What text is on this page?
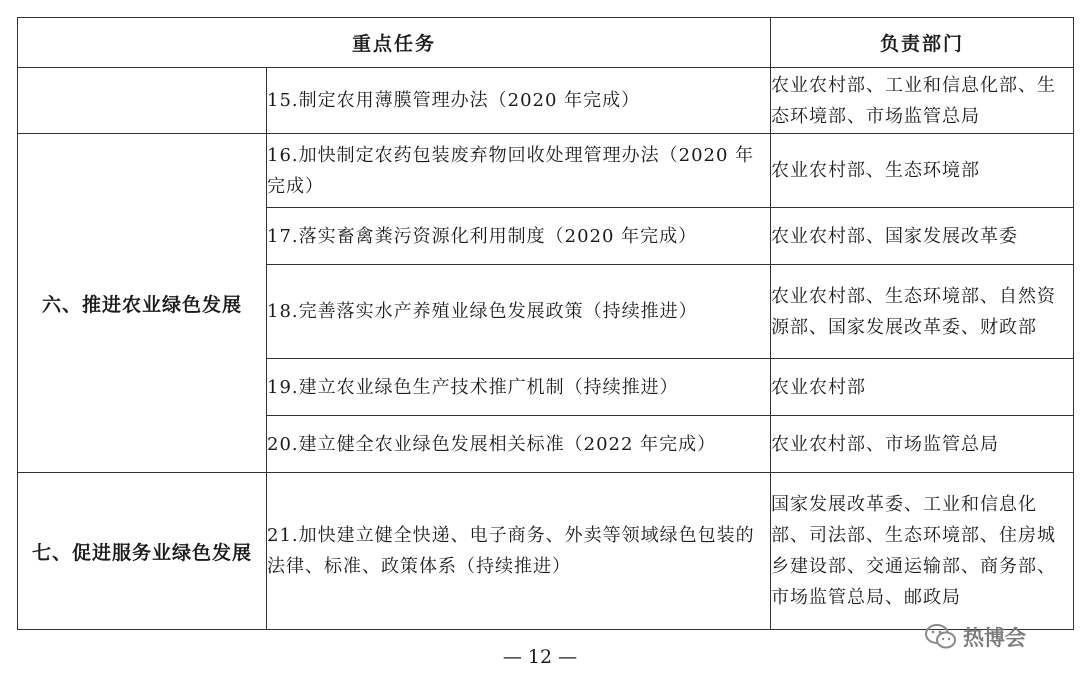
重点任务		负责部门
	15.制定农用薄膜管理办法（2020 年完成）	农业农村部、工业和信息化部、生态环境部、市场监管总局
六、推进农业绿色发展	16.加快制定农药包装废弃物回收处理管理办法（2020 年完成）	农业农村部、生态环境部
	17.落实畜禽粪污资源化利用制度（2020 年完成）	农业农村部、国家发展改革委
	18.完善落实水产养殖业绿色发展政策（持续推进）	农业农村部、生态环境部、自然资源部、国家发展改革委、财政部
	19.建立农业绿色生产技术推广机制（持续推进）	农业农村部
	20.建立健全农业绿色发展相关标准（2022 年完成）	农业农村部、市场监管总局
七、促进服务业绿色发展	21.加快建立健全快递、电子商务、外卖等领域绿色包装的法律、标准、政策体系（持续推进）	国家发展改革委、工业和信息化部、司法部、生态环境部、住房城乡建设部、交通运输部、商务部、市场监管总局、邮政局
— 12 —
热博会
